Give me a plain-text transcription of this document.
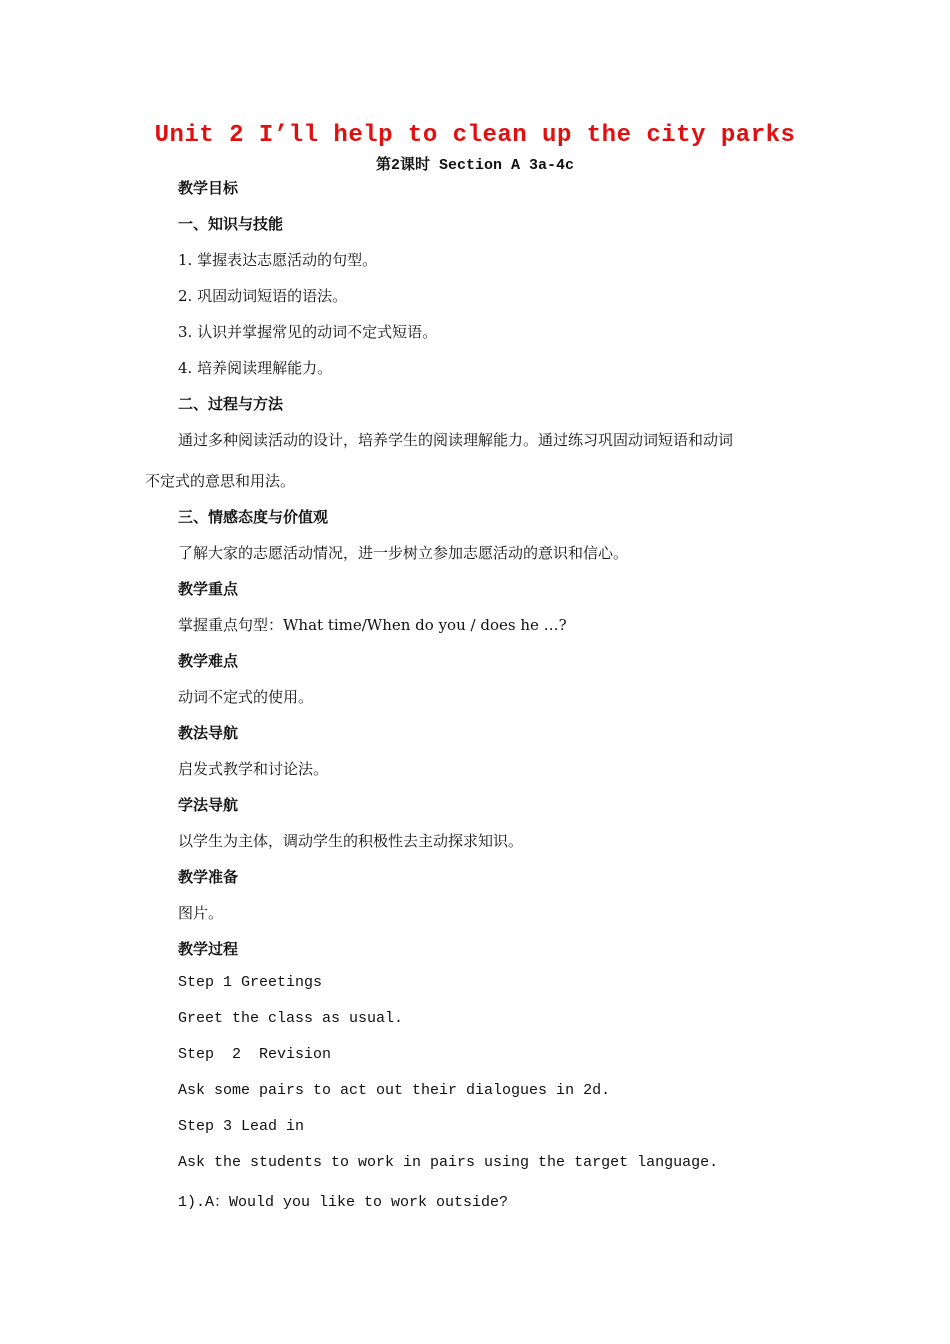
Unit 2 I’ll help to clean up the city parks
第2课时 Section A 3a-4c
教学目标
一、知识与技能
1. 掌握表达志愿活动的句型。
2. 巩固动词短语的语法。
3. 认识并掌握常见的动词不定式短语。
4. 培养阅读理解能力。
二、过程与方法
通过多种阅读活动的设计，培养学生的阅读理解能力。通过练习巩固动词短语和动词
不定式的意思和用法。
三、情感态度与价值观
了解大家的志愿活动情况，进一步树立参加志愿活动的意识和信心。
教学重点
掌握重点句型：What time/When do you / does he …?
教学难点
动词不定式的使用。
教法导航
启发式教学和讨论法。
学法导航
以学生为主体，调动学生的积极性去主动探求知识。
教学准备
图片。
教学过程
Step 1 Greetings
Greet the class as usual.
Step  2  Revision
Ask some pairs to act out their dialogues in 2d.
Step 3 Lead in
Ask the students to work in pairs using the target language.
1).A：Would you like to work outside?
